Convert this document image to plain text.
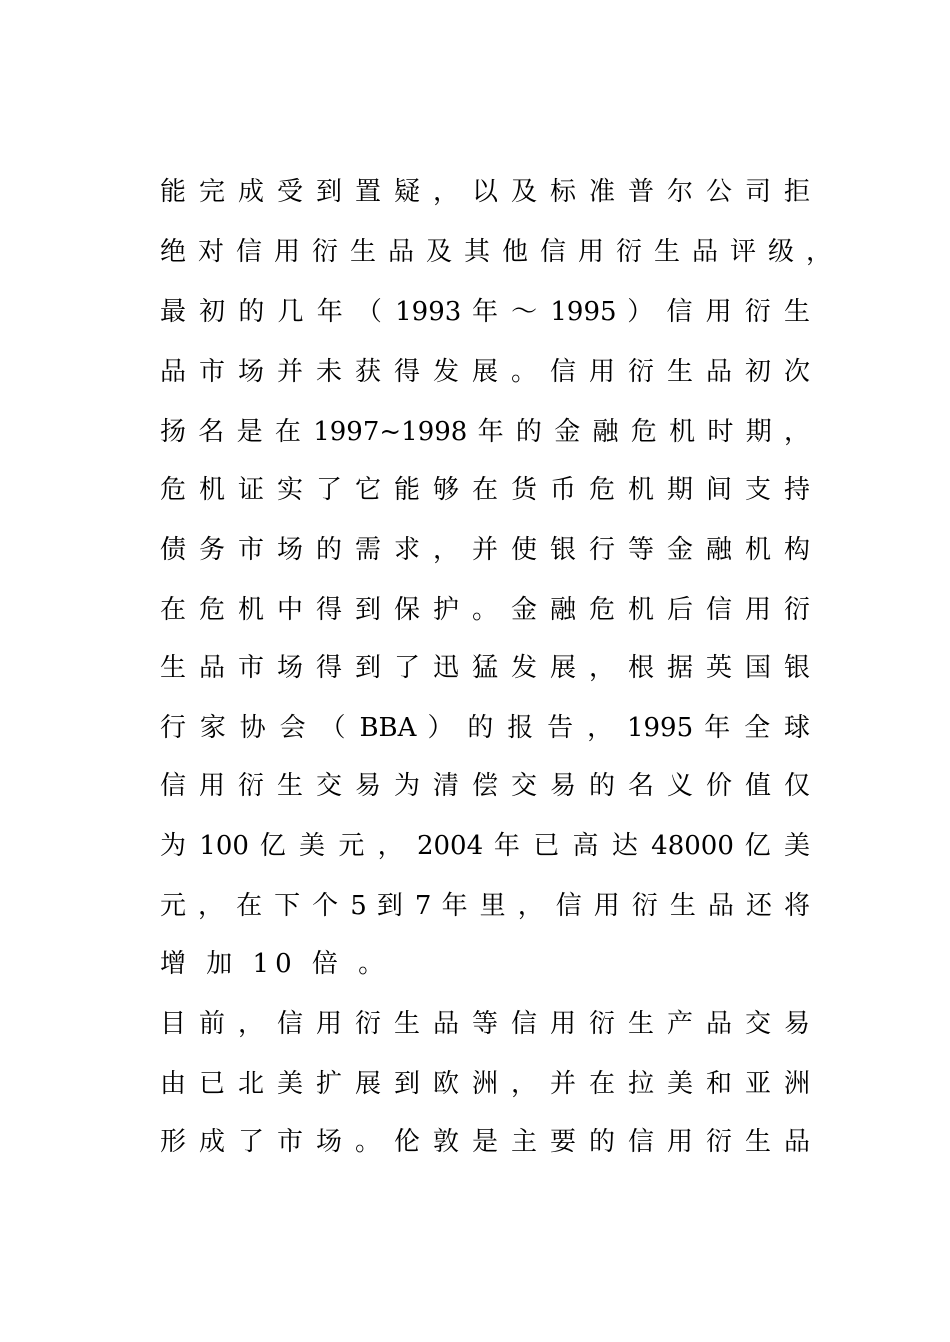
能 完 成 受 到 置 疑 ， 以 及 标 准 普 尔 公 司 拒
绝 对 信 用 衍 生 品 及 其 他 信 用 衍 生 品 评 级 ，
最 初 的 几 年 （ 1993 年 ～ 1995 ） 信 用 衍 生
品 市 场 并 未 获 得 发 展 。 信 用 衍 生 品 初 次
扬 名 是 在 1997~1998 年 的 金 融 危 机 时 期 ，
危 机 证 实 了 它 能 够 在 货 币 危 机 期 间 支 持
债 务 市 场 的 需 求 ， 并 使 银 行 等 金 融 机 构
在 危 机 中 得 到 保 护 。 金 融 危 机 后 信 用 衍
生 品 市 场 得 到 了 迅 猛 发 展 ， 根 据 英 国 银
行 家 协 会 （ BBA ） 的 报 告 ， 1995 年 全 球
信 用 衍 生 交 易 为 清 偿 交 易 的 名 义 价 值 仅
为 100 亿 美 元 ， 2004 年 已 高 达 48000 亿 美
元 ， 在 下 个 5 到 7 年 里 ， 信 用 衍 生 品 还 将
增 加 10 倍 。
目 前 ， 信 用 衍 生 品 等 信 用 衍 生 产 品 交 易
由 已 北 美 扩 展 到 欧 洲 ， 并 在 拉 美 和 亚 洲
形 成 了 市 场 。 伦 敦 是 主 要 的 信 用 衍 生 品
